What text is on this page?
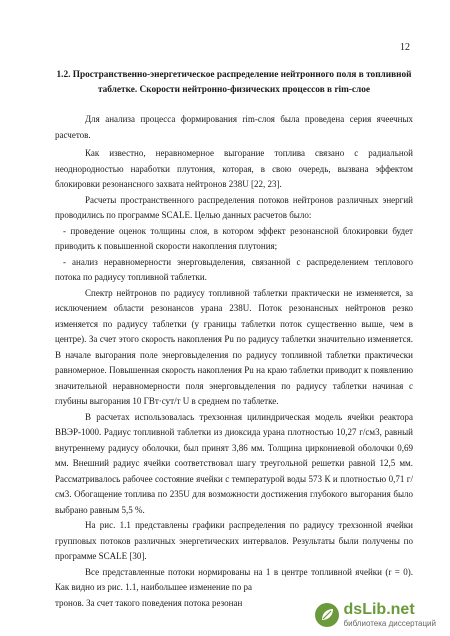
12
1.2. Пространственно-энергетическое распределение нейтронного поля в топливной таблетке. Скорости нейтронно-физических процессов в rim-слое

Для анализа процесса формирования rim-слоя была проведена серия ячеечных расчетов.

Как известно, неравномерное выгорание топлива связано с радиальной неоднородностью наработки плутония, которая, в свою очередь, вызвана эффектом блокировки резонансного захвата нейтронов 238U [22, 23].

Расчеты пространственного распределения потоков нейтронов различных энергий проводились по программе SCALE. Целью данных расчетов было:

- проведение оценок толщины слоя, в котором эффект резонансной блокировки будет приводить к повышенной скорости накопления плутония;

- анализ неравномерности энерговыделения, связанной с распределением теплового потока по радиусу топливной таблетки.

Спектр нейтронов по радиусу топливной таблетки практически не изменяется, за исключением области резонансов урана 238U. Поток резонансных нейтронов резко изменяется по радиусу таблетки (у границы таблетки поток существенно выше, чем в центре). За счет этого скорость накопления Pu по радиусу таблетки значительно изменяется. В начале выгорания поле энерговыделения по радиусу топливной таблетки практически равномерное. Повышенная скорость накопления Pu на краю таблетки приводит к появлению значительной неравномерности поля энерговыделения по радиусу таблетки начиная с глубины выгорания 10 ГВт·сут/т U в среднем по таблетке.

В расчетах использовалась трехзонная цилиндрическая модель ячейки реактора ВВЭР-1000. Радиус топливной таблетки из диоксида урана плотностью 10,27 г/см3, равный внутреннему радиусу оболочки, был принят 3,86 мм. Толщина циркониевой оболочки 0,69 мм. Внешний радиус ячейки соответствовал шагу треугольной решетки равной 12,5 мм. Рассматривалось рабочее состояние ячейки с температурой воды 573 К и плотностью 0,71 г/см3. Обогащение топлива по 235U для возможности достижения глубокого выгорания было выбрано равным 5,5 %.

На рис. 1.1 представлены графики распределения по радиусу трехзонной ячейки групповых потоков различных энергетических интервалов. Результаты были получены по программе SCALE [30].

Все представленные потоки нормированы на 1 в центре топливной ячейки (r = 0). Как видно из рис. 1.1, наибольшее изменение по ра

тронов. За счет такого поведения потока резонан	dsLib.net
библиотека диссертаций
